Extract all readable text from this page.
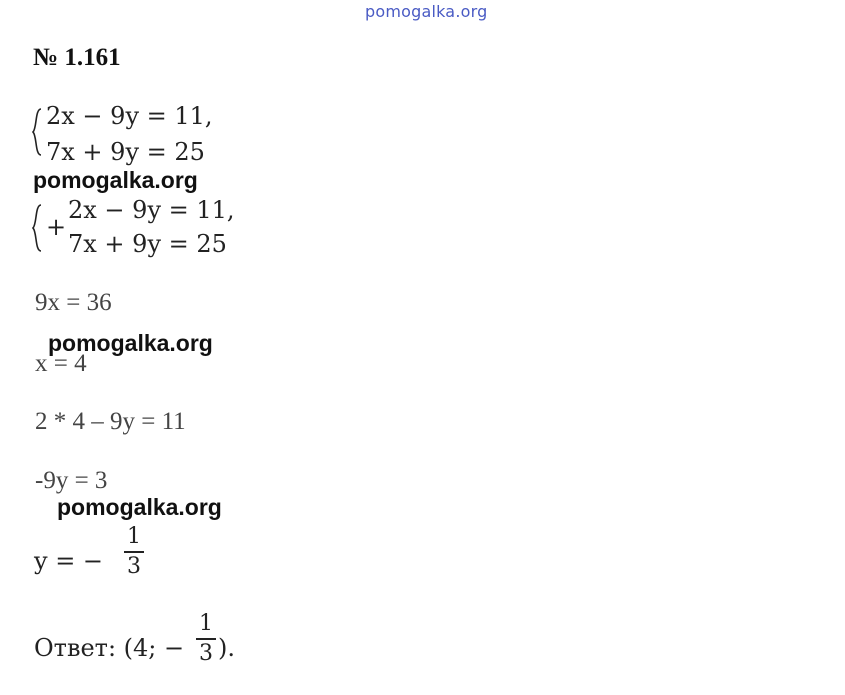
pomogalka.org
№ 1.161
2x − 9y = 11,
7x + 9y = 25
pomogalka.org
+
2x − 9y = 11,
7x + 9y = 25
9x = 36
x = 4
pomogalka.org
2 * 4 – 9y = 11
-9y = 3
pomogalka.org
y = −
1
3
Ответ: (4; −
1
3 ).
